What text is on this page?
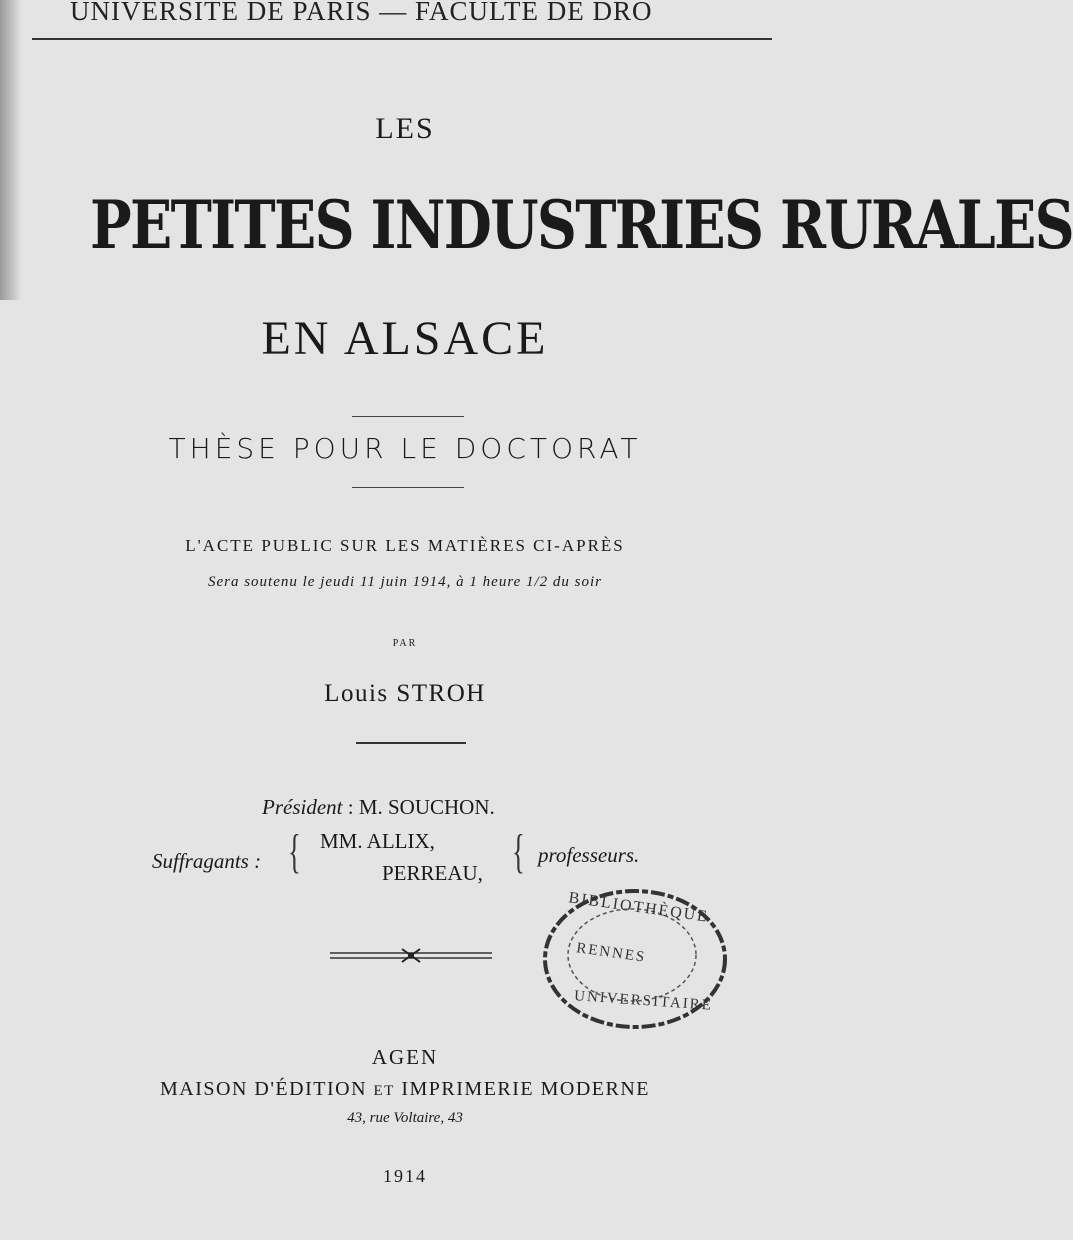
UNIVERSITE DE PARIS — FACULTE DE DRO
LES
PETITES INDUSTRIES RURALES
EN ALSACE
THÈSE POUR LE DOCTORAT
L'ACTE PUBLIC SUR LES MATIÈRES CI-APRÈS
Sera soutenu le jeudi 11 juin 1914, à 1 heure 1/2 du soir
PAR
Louis STROH
Président : M. SOUCHON.
Suffragants : { MM. ALLIX,
PERREAU, { professeurs.
BIBLIOTHÈQUE
RENNES
UNIVERSITAIRE
AGEN
MAISON D'ÉDITION ET IMPRIMERIE MODERNE
43, rue Voltaire, 43
1914
